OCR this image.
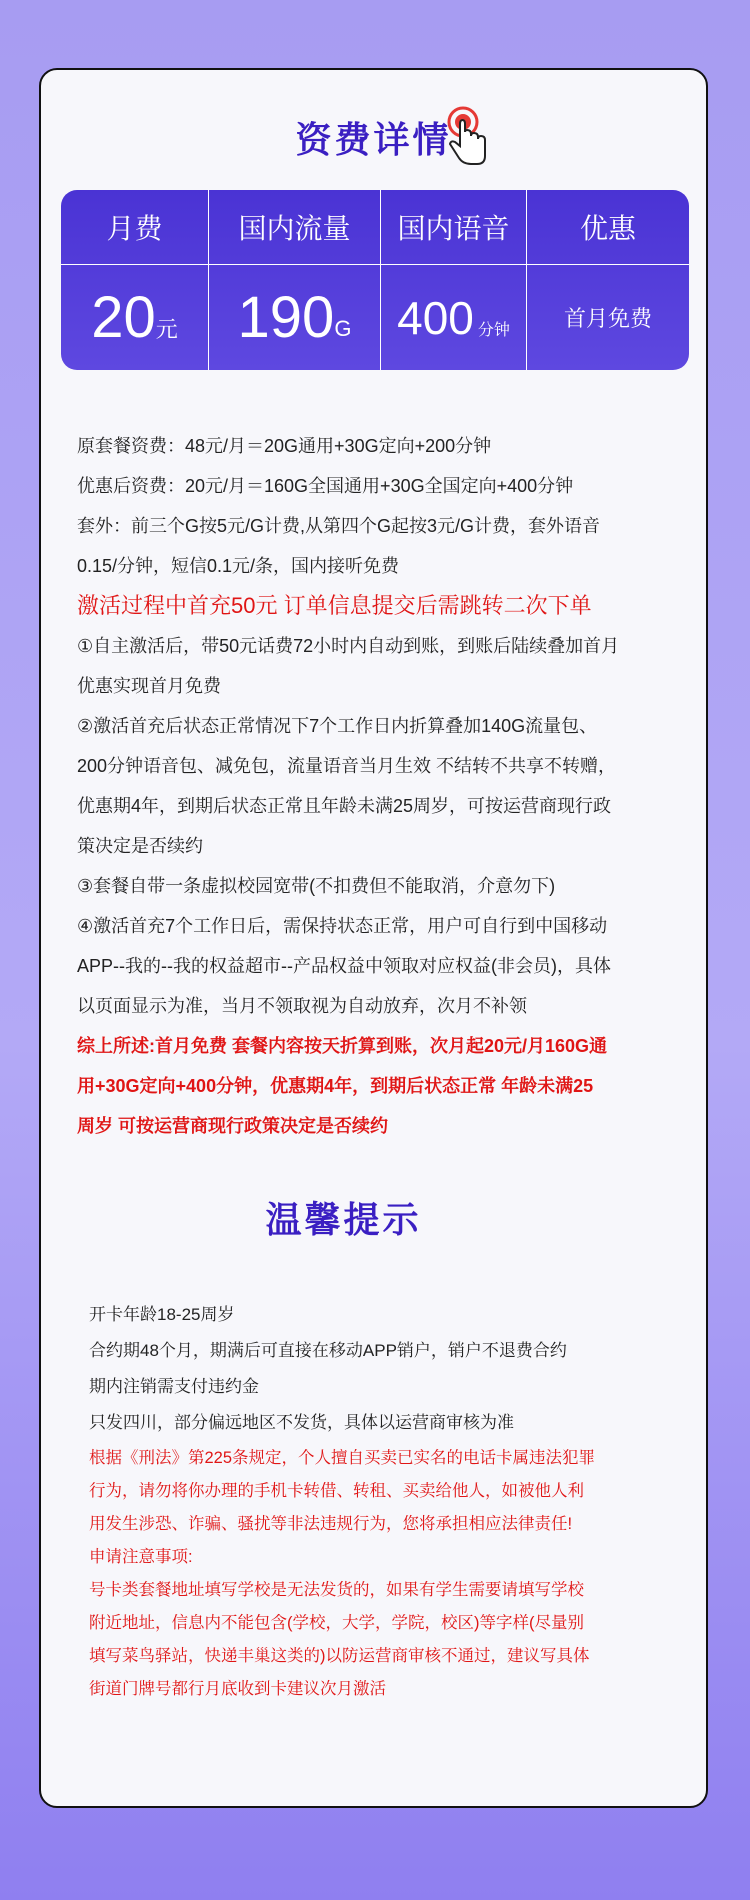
资费详情
月费
20 元
国内流量
190 G
国内语音
400 分钟
优惠
首月免费
原套餐资费：48元/月＝20G通用+30G定向+200分钟
优惠后资费：20元/月＝160G全国通用+30G全国定向+400分钟
套外：前三个G按5元/G计费,从第四个G起按3元/G计费，套外语音
0.15/分钟，短信0.1元/条，国内接听免费
激活过程中首充50元 订单信息提交后需跳转二次下单
①自主激活后，带50元话费72小时内自动到账，到账后陆续叠加首月
优惠实现首月免费
②激活首充后状态正常情况下7个工作日内折算叠加140G流量包、
200分钟语音包、减免包，流量语音当月生效 不结转不共享不转赠，
优惠期4年，到期后状态正常且年龄未满25周岁，可按运营商现行政
策决定是否续约
③套餐自带一条虚拟校园宽带(不扣费但不能取消，介意勿下)
④激活首充7个工作日后，需保持状态正常，用户可自行到中国移动
APP--我的--我的权益超市--产品权益中领取对应权益(非会员)，具体
以页面显示为准，当月不领取视为自动放弃，次月不补领
综上所述:首月免费 套餐内容按天折算到账，次月起20元/月160G通
用+30G定向+400分钟，优惠期4年，到期后状态正常 年龄未满25
周岁 可按运营商现行政策决定是否续约
温馨提示
开卡年龄18-25周岁
合约期48个月，期满后可直接在移动APP销户，销户不退费合约
期内注销需支付违约金
只发四川，部分偏远地区不发货，具体以运营商审核为准
根据《刑法》第225条规定，个人擅自买卖已实名的电话卡属违法犯罪
行为，请勿将你办理的手机卡转借、转租、买卖给他人，如被他人利
用发生涉恐、诈骗、骚扰等非法违规行为，您将承担相应法律责任!
申请注意事项:
号卡类套餐地址填写学校是无法发货的，如果有学生需要请填写学校
附近地址，信息内不能包含(学校，大学，学院，校区)等字样(尽量别
填写菜鸟驿站，快递丰巢这类的)以防运营商审核不通过，建议写具体
街道门牌号都行月底收到卡建议次月激活
